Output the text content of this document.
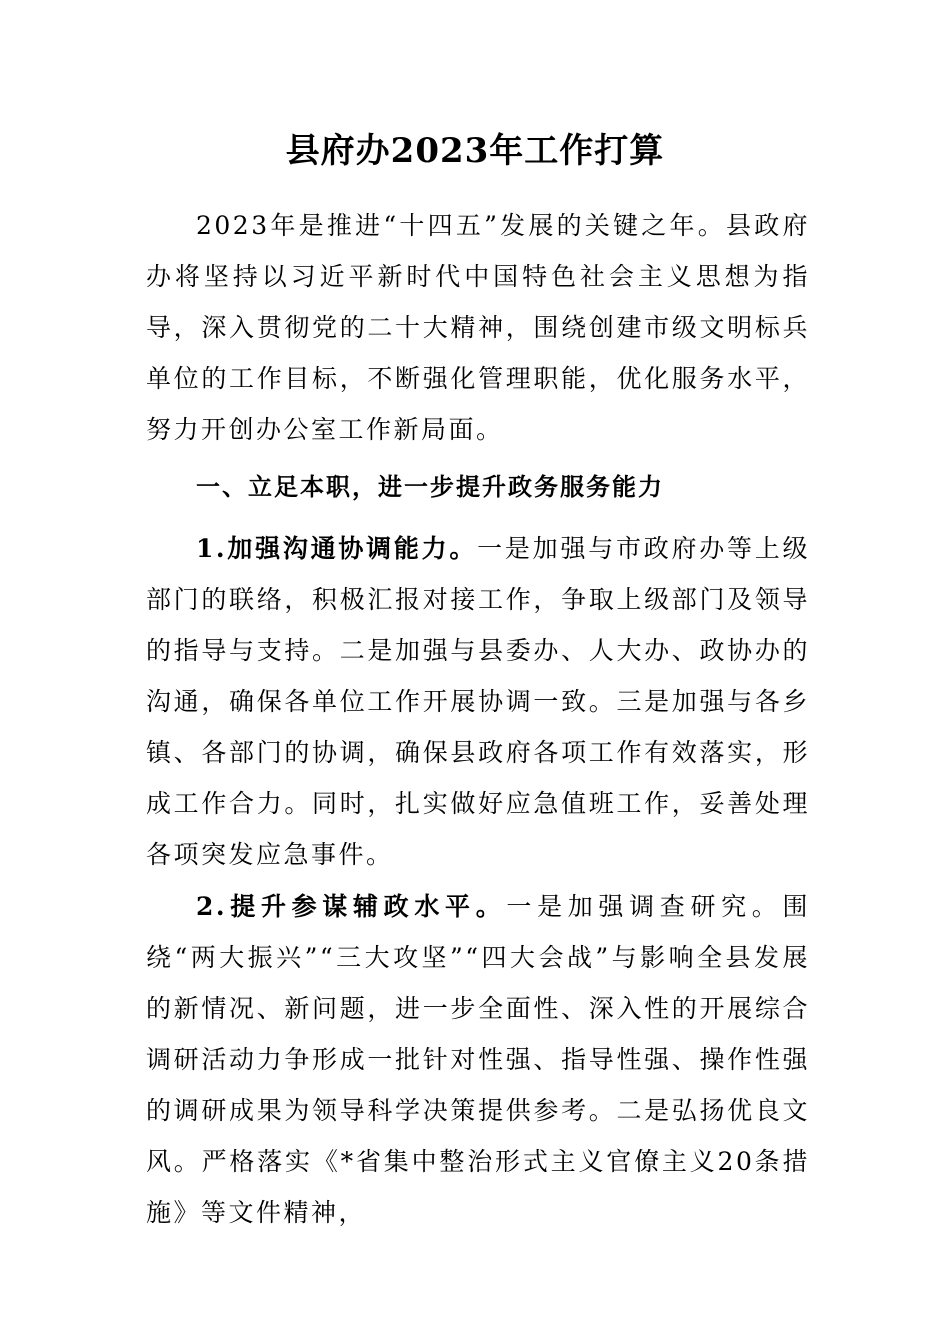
县府办2023年工作打算
2023年是推进“十四五”发展的关键之年。县政府办将坚持以习近平新时代中国特色社会主义思想为指导，深入贯彻党的二十大精神，围绕创建市级文明标兵单位的工作目标，不断强化管理职能，优化服务水平，努力开创办公室工作新局面。
一、立足本职，进一步提升政务服务能力
1.加强沟通协调能力。一是加强与市政府办等上级部门的联络，积极汇报对接工作，争取上级部门及领导的指导与支持。二是加强与县委办、人大办、政协办的沟通，确保各单位工作开展协调一致。三是加强与各乡镇、各部门的协调，确保县政府各项工作有效落实，形成工作合力。同时，扎实做好应急值班工作，妥善处理各项突发应急事件。
2.提升参谋辅政水平。一是加强调查研究。围绕“两大振兴”“三大攻坚”“四大会战”与影响全县发展的新情况、新问题，进一步全面性、深入性的开展综合调研活动力争形成一批针对性强、指导性强、操作性强的调研成果为领导科学决策提供参考。二是弘扬优良文风。严格落实《*省集中整治形式主义官僚主义20条措施》等文件精神，
